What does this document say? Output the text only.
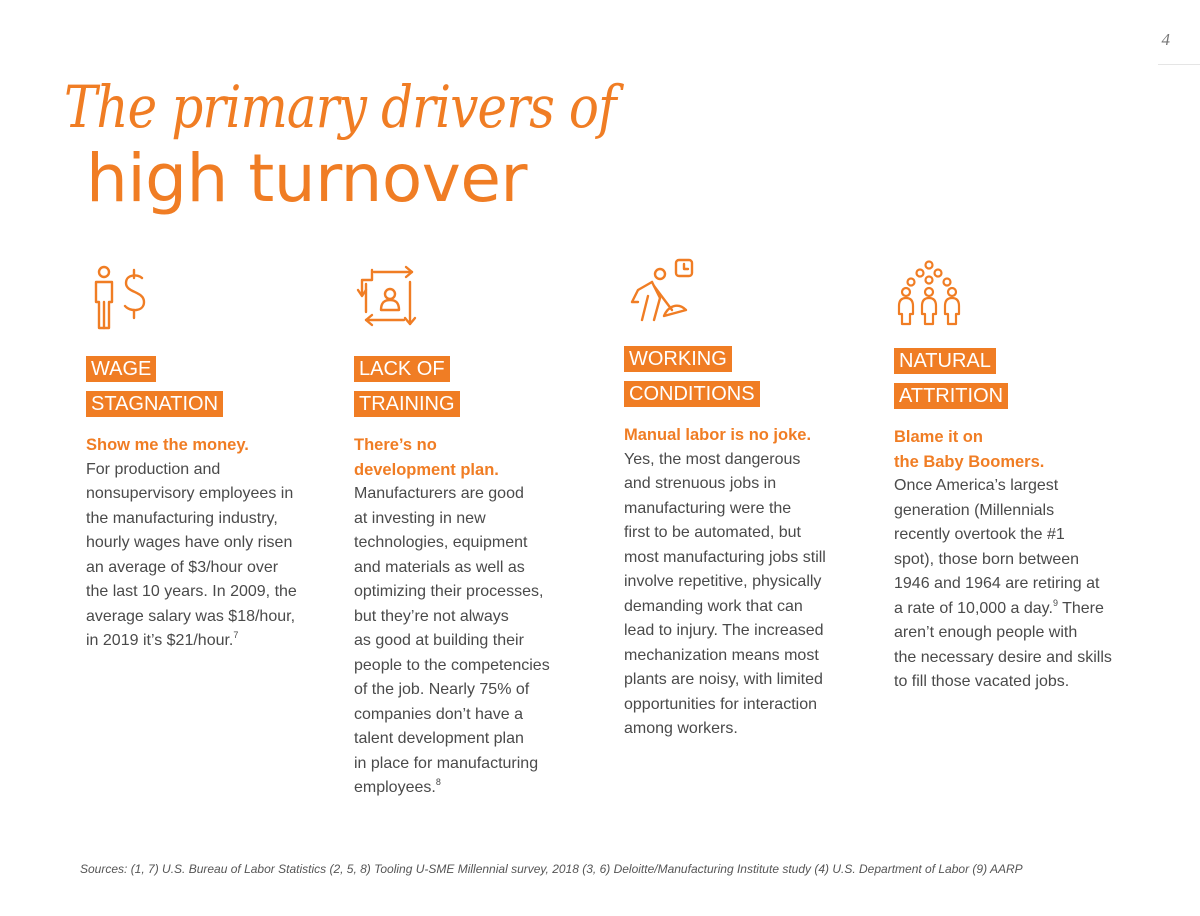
4
The primary drivers of
high turnover
WAGE
STAGNATION
Show me the money.

For production and
nonsupervisory employees in
the manufacturing industry,
hourly wages have only risen
an average of $3/hour over
the last 10 years. In 2009, the
average salary was $18/hour,
in 2019 it’s $21/hour.$^7$

LACK OF
TRAINING
There’s no
development plan.

Manufacturers are good
at investing in new
technologies, equipment
and materials as well as
optimizing their processes,
but they’re not always
as good at building their
people to the competencies
of the job. Nearly 75% of
companies don’t have a
talent development plan
in place for manufacturing
employees.$^8$

WORKING
CONDITIONS
Manual labor is no joke.

Yes, the most dangerous
and strenuous jobs in
manufacturing were the
first to be automated, but
most manufacturing jobs still
involve repetitive, physically
demanding work that can
lead to injury. The increased
mechanization means most
plants are noisy, with limited
opportunities for interaction
among workers.

NATURAL
ATTRITION
Blame it on
the Baby Boomers.

Once America’s largest
generation (Millennials
recently overtook the #1
spot), those born between
1946 and 1964 are retiring at
a rate of 10,000 a day.$^9$ There
aren’t enough people with
the necessary desire and skills
to fill those vacated jobs.

Sources: (1, 7) U.S. Bureau of Labor Statistics (2, 5, 8) Tooling U-SME Millennial survey, 2018 (3, 6) Deloitte/Manufacturing Institute study (4) U.S. Department of Labor (9) AARP
